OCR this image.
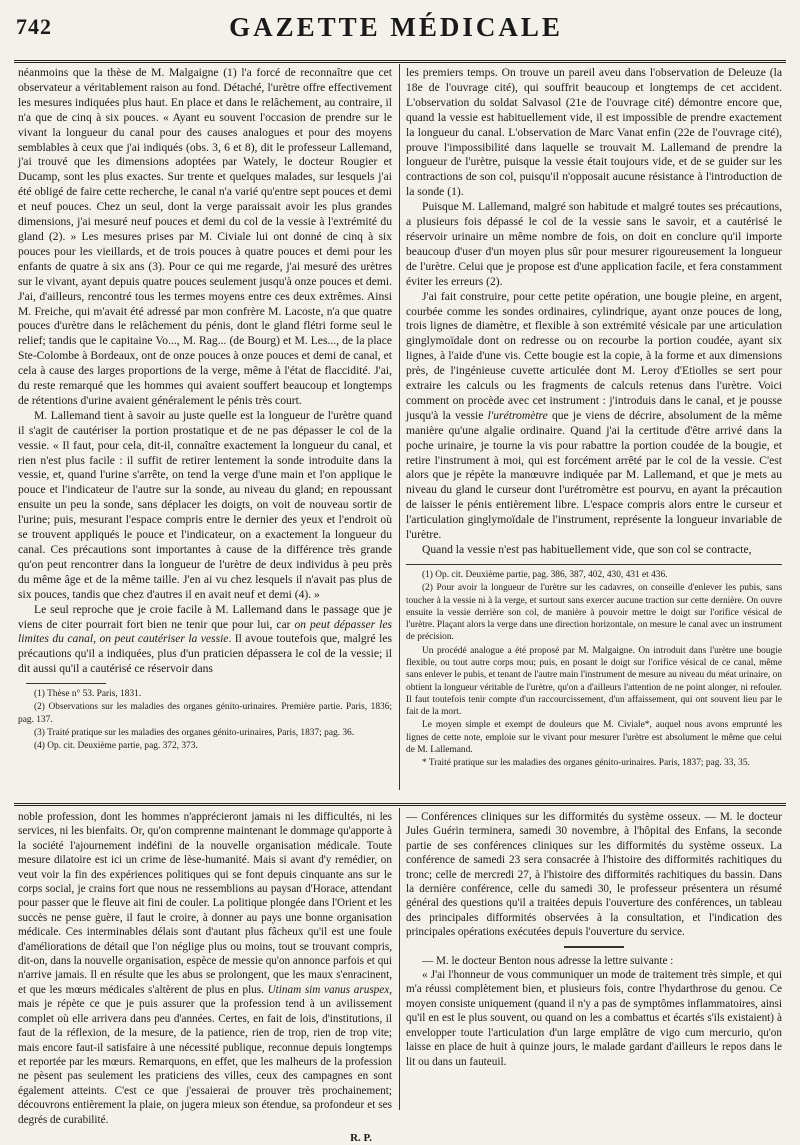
742	GAZETTE MÉDICALE

néanmoins que la thèse de M. Malgaigne (1) l'a forcé de reconnaître que cet observateur a véritablement raison au fond. Détaché, l'urètre offre effectivement les mesures indiquées plus haut. En place et dans le relâchement, au contraire, il n'a que de cinq à six pouces. « Ayant eu souvent l'occasion de prendre sur le vivant la longueur du canal pour des causes analogues et pour des moyens semblables à ceux que j'ai indiqués (obs. 3, 6 et 8), dit le professeur Lallemand, j'ai trouvé que les dimensions adoptées par Wately, le docteur Rougier et Ducamp, sont les plus exactes. Sur trente et quelques malades, sur lesquels j'ai été obligé de faire cette recherche, le canal n'a varié qu'entre sept pouces et demi et neuf pouces. Chez un seul, dont la verge paraissait avoir les plus grandes dimensions, j'ai mesuré neuf pouces et demi du col de la vessie à l'extrémité du gland (2). » Les mesures prises par M. Civiale lui ont donné de cinq à six pouces pour les vieillards, et de trois pouces à quatre pouces et demi pour les enfants de quatre à six ans (3). Pour ce qui me regarde, j'ai mesuré des urètres sur le vivant, ayant depuis quatre pouces seulement jusqu'à onze pouces et demi. J'ai, d'ailleurs, rencontré tous les termes moyens entre ces deux extrêmes. Ainsi M. Freiche, qui m'avait été adressé par mon confrère M. Lacoste, n'a que quatre pouces d'urètre dans le relâchement du pénis, dont le gland flétri forme seul le relief; tandis que le capitaine Vo..., M. Rag... (de Bourg) et M. Les..., de la place Ste-Colombe à Bordeaux, ont de onze pouces à onze pouces et demi de canal, et cela à cause des larges proportions de la verge, même à l'état de flaccidité. J'ai, du reste remarqué que les hommes qui avaient souffert beaucoup et longtemps de rétentions d'urine avaient généralement le pénis très court.

M. Lallemand tient à savoir au juste quelle est la longueur de l'urètre quand il s'agit de cautériser la portion prostatique et de ne pas dépasser le col de la vessie. « Il faut, pour cela, dit-il, connaître exactement la longueur du canal, et rien n'est plus facile : il suffit de retirer lentement la sonde introduite dans la vessie, et, quand l'urine s'arrête, on tend la verge d'une main et l'on applique le pouce et l'indicateur de l'autre sur la sonde, au niveau du gland; en repoussant ensuite un peu la sonde, sans déplacer les doigts, on voit de nouveau sortir de l'urine; puis, mesurant l'espace compris entre le dernier des yeux et l'endroit où se trouvent appliqués le pouce et l'indicateur, on a exactement la longueur du canal. Ces précautions sont importantes à cause de la différence très grande qu'on peut rencontrer dans la longueur de l'urètre de deux individus à peu près du même âge et de la même taille. J'en ai vu chez lesquels il n'avait pas plus de six pouces, tandis que chez d'autres il en avait neuf et demi (4). »

Le seul reproche que je croie facile à M. Lallemand dans le passage que je viens de citer pourrait fort bien ne tenir que pour lui, car on peut dépasser les limites du canal, on peut cautériser la vessie. Il avoue toutefois que, malgré les précautions qu'il a indiquées, plus d'un praticien dépassera le col de la vessie; il dit aussi qu'il a cautérisé ce réservoir dans

(1) Thèse n° 53. Paris, 1831.

(2) Observations sur les maladies des organes génito-urinaires. Première partie. Paris, 1836; pag. 137.

(3) Traité pratique sur les maladies des organes génito-urinaires, Paris, 1837; pag. 36.

(4) Op. cit. Deuxième partie, pag. 372, 373.

les premiers temps. On trouve un pareil aveu dans l'observation de Deleuze (la 18e de l'ouvrage cité), qui souffrit beaucoup et longtemps de cet accident. L'observation du soldat Salvasol (21e de l'ouvrage cité) démontre encore que, quand la vessie est habituellement vide, il est impossible de prendre exactement la longueur du canal. L'observation de Marc Vanat enfin (22e de l'ouvrage cité), prouve l'impossibilité dans laquelle se trouvait M. Lallemand de prendre la longueur de l'urètre, puisque la vessie était toujours vide, et de se guider sur les contractions de son col, puisqu'il n'opposait aucune résistance à l'introduction de la sonde (1).

Puisque M. Lallemand, malgré son habitude et malgré toutes ses précautions, a plusieurs fois dépassé le col de la vessie sans le savoir, et a cautérisé le réservoir urinaire un même nombre de fois, on doit en conclure qu'il importe beaucoup d'user d'un moyen plus sûr pour mesurer rigoureusement la longueur de l'urètre. Celui que je propose est d'une application facile, et fera constamment éviter les erreurs (2).

J'ai fait construire, pour cette petite opération, une bougie pleine, en argent, courbée comme les sondes ordinaires, cylindrique, ayant onze pouces de long, trois lignes de diamètre, et flexible à son extrémité vésicale par une articulation ginglymoïdale dont on redresse ou on recourbe la portion coudée, ayant six lignes, à l'aide d'une vis. Cette bougie est la copie, à la forme et aux dimensions près, de l'ingénieuse cuvette articulée dont M. Leroy d'Etiolles se sert pour extraire les calculs ou les fragments de calculs retenus dans l'urètre. Voici comment on procède avec cet instrument : j'introduis dans le canal, et je pousse jusqu'à la vessie l'urétromètre que je viens de décrire, absolument de la même manière qu'une algalie ordinaire. Quand j'ai la certitude d'être arrivé dans la poche urinaire, je tourne la vis pour rabattre la portion coudée de la bougie, et retire l'instrument à moi, qui est forcément arrêté par le col de la vessie. C'est alors que je répète la manœuvre indiquée par M. Lallemand, et que je mets au niveau du gland le curseur dont l'urétromètre est pourvu, en ayant la précaution de laisser le pénis entièrement libre. L'espace compris alors entre le curseur et l'articulation ginglymoïdale de l'instrument, représente la longueur invariable de l'urètre.

Quand la vessie n'est pas habituellement vide, que son col se contracte,

(1) Op. cit. Deuxième partie, pag. 386, 387, 402, 430, 431 et 436.

(2) Pour avoir la longueur de l'urètre sur les cadavres, on conseille d'enlever les pubis, sans toucher à la vessie ni à la verge, et surtout sans exercer aucune traction sur cette dernière. On ouvre ensuite la vessie derrière son col, de manière à pouvoir mettre le doigt sur l'orifice vésical de l'urètre. Plaçant alors la verge dans une direction horizontale, on mesure le canal avec un instrument de précision.

Un procédé analogue a été proposé par M. Malgaigne. On introduit dans l'urètre une bougie flexible, ou tout autre corps mou; puis, en posant le doigt sur l'orifice vésical de ce canal, même sans enlever le pubis, et tenant de l'autre main l'instrument de mesure au niveau du méat urinaire, on obtient la longueur véritable de l'urètre, qu'on a d'ailleurs l'attention de ne point alonger, ni refouler. Il faut toutefois tenir compte d'un raccourcissement, d'un affaissement, qui ont souvent lieu par le fait de la mort.

Le moyen simple et exempt de douleurs que M. Civiale*, auquel nous avons emprunté les lignes de cette note, emploie sur le vivant pour mesurer l'urètre est absolument le même que celui de M. Lallemand.

* Traité pratique sur les maladies des organes génito-urinaires. Paris, 1837; pag. 33, 35.

noble profession, dont les hommes n'apprécieront jamais ni les difficultés, ni les services, ni les bienfaits. Or, qu'on comprenne maintenant le dommage qu'apporte à la société l'ajournement indéfini de la nouvelle organisation médicale. Toute mesure dilatoire est ici un crime de lèse-humanité. Mais si avant d'y remédier, on veut voir la fin des expériences politiques qui se font depuis cinquante ans sur le corps social, je crains fort que nous ne ressemblions au paysan d'Horace, attendant pour passer que le fleuve ait fini de couler. La politique plongée dans l'Orient et les succès ne pense guère, il faut le croire, à donner au pays une bonne organisation médicale. Ces interminables délais sont d'autant plus fâcheux qu'il est une foule d'améliorations de détail que l'on néglige plus ou moins, tout se trouvant compris, dit-on, dans la nouvelle organisation, espèce de messie qu'on annonce parfois et qui n'arrive jamais. Il en résulte que les abus se prolongent, que les maux s'enracinent, et que les mœurs médicales s'altèrent de plus en plus. Utinam sim vanus aruspex, mais je répète ce que je puis assurer que la profession tend à un avilissement complet où elle arrivera dans peu d'années. Certes, en fait de lois, d'institutions, il faut de la réflexion, de la mesure, de la patience, rien de trop, rien de trop vite; mais encore faut-il satisfaire à une nécessité publique, reconnue depuis longtemps et reportée par les mœurs. Remarquons, en effet, que les malheurs de la profession ne pèsent pas seulement les praticiens des villes, ceux des campagnes en sont également atteints. C'est ce que j'essaierai de prouver très prochainement; découvrons entièrement la plaie, on jugera mieux son étendue, sa profondeur et ses degrés de curabilité.

R. P.

— Conférences cliniques sur les difformités du système osseux. — M. le docteur Jules Guérin terminera, samedi 30 novembre, à l'hôpital des Enfans, la seconde partie de ses conférences cliniques sur les difformités du système osseux. La conférence de samedi 23 sera consacrée à l'histoire des difformités rachitiques du tronc; celle de mercredi 27, à l'histoire des difformités rachitiques du bassin. Dans la dernière conférence, celle du samedi 30, le professeur présentera un résumé général des questions qu'il a traitées depuis l'ouverture des conférences, un tableau des principales difformités observées à la consultation, et l'indication des principales opérations exécutées depuis l'ouverture du service.

— M. le docteur Benton nous adresse la lettre suivante :

« J'ai l'honneur de vous communiquer un mode de traitement très simple, et qui m'a réussi complètement bien, et plusieurs fois, contre l'hydarthrose du genou. Ce moyen consiste uniquement (quand il n'y a pas de symptômes inflammatoires, ainsi qu'il en est le plus souvent, ou quand on les a combattus et écartés s'ils existaient) à envelopper toute l'articulation d'un large emplâtre de vigo cum mercurio, qu'on laisse en place de huit à quinze jours, le malade gardant d'ailleurs le repos dans le lit ou dans un fauteuil.
